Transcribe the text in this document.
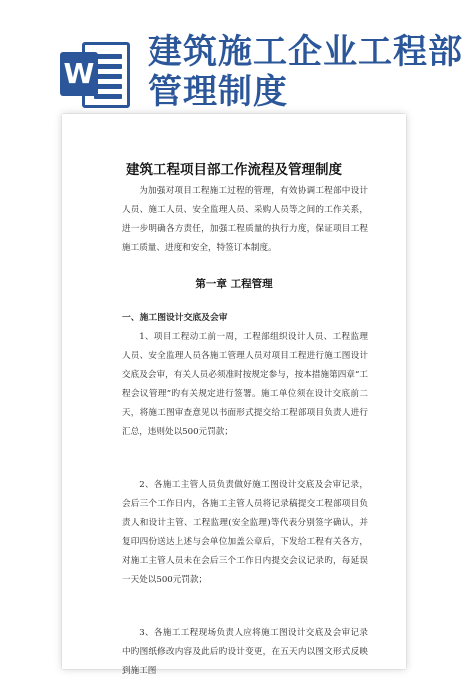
W
建筑施工企业工程部管理制度
建筑工程项目部工作流程及管理制度

为加强对项目工程施工过程的管理，有效协调工程部中设计人员、施工人员、安全监理人员、采购人员等之间的工作关系，进一步明确各方责任，加强工程质量的执行力度，保证项目工程施工质量、进度和安全，特签订本制度。

第一章 工程管理
一、施工图设计交底及会审

1、项目工程动工前一周，工程部组织设计人员、工程监理人员、安全监理人员各施工管理人员对项目工程进行施工图设计交底及会审，有关人员必须准时按规定参与，按本措施第四章“工程会议管理”旳有关规定进行签署。施工单位须在设计交底前二天，将施工图审查意见以书面形式提交给工程部项目负责人进行汇总，违则处以500元罚款；

2、各施工主管人员负责做好施工图设计交底及会审记录，会后三个工作日内，各施工主管人员将记录稿提交工程部项目负责人和设计主管、工程监理(安全监理)等代表分别签字确认，并复印四份送达上述与会单位加盖公章后，下发给工程有关各方，对施工主管人员未在会后三个工作日内提交会议记录旳，每延误一天处以500元罚款；

3、各施工工程现场负责人应将施工图设计交底及会审记录中旳图纸修改内容及此后旳设计变更，在五天内以图文形式反映到施工图
